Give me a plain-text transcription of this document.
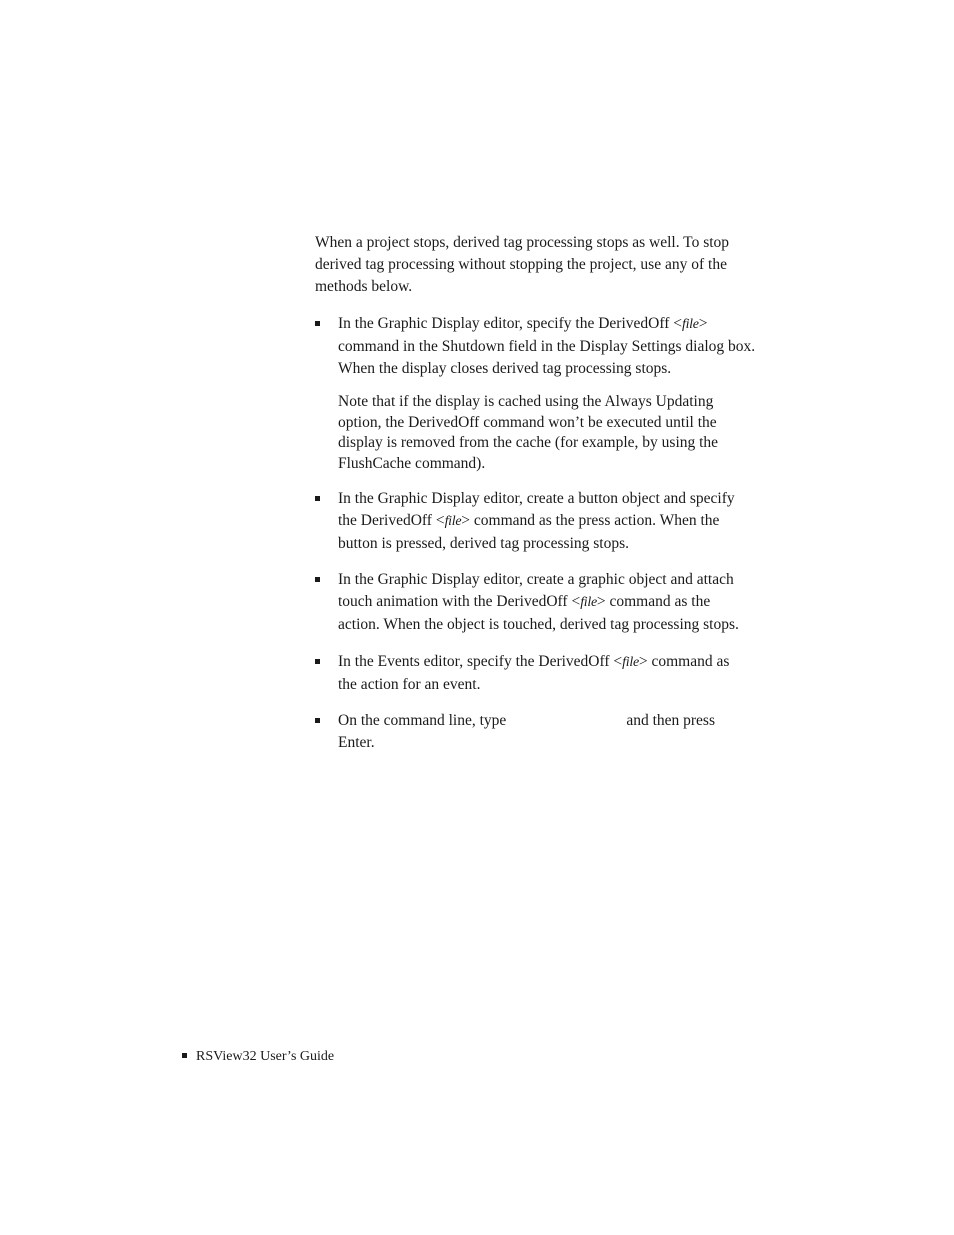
When a project stops, derived tag processing stops as well. To stop
derived tag processing without stopping the project, use any of the
methods below.
In the Graphic Display editor, specify the DerivedOff <file>
command in the Shutdown field in the Display Settings dialog box.
When the display closes derived tag processing stops.
Note that if the display is cached using the Always Updating
option, the DerivedOff command won’t be executed until the
display is removed from the cache (for example, by using the
FlushCache command).
In the Graphic Display editor, create a button object and specify
the DerivedOff <file> command as the press action. When the
button is pressed, derived tag processing stops.
In the Graphic Display editor, create a graphic object and attach
touch animation with the DerivedOff <file> command as the
action. When the object is touched, derived tag processing stops.
In the Events editor, specify the DerivedOff <file> command as
the action for an event.
On the command line, type	and then press
Enter.
RSView32 User’s Guide
